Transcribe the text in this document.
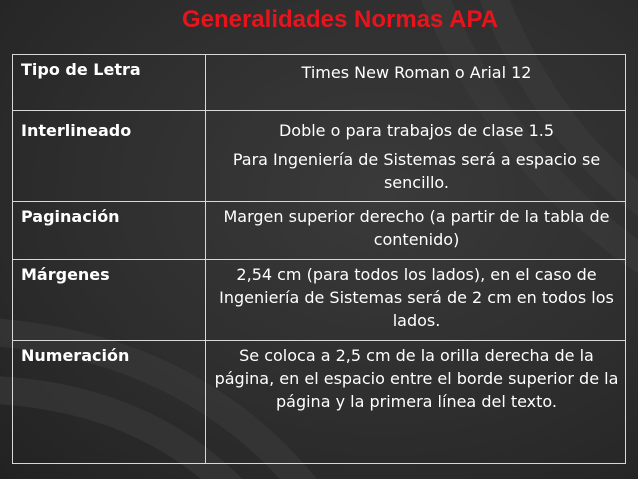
Generalidades Normas APA
Tipo de Letra	Times New Roman o Arial 12

Interlineado	Doble o para trabajos de clase 1.5

Para Ingeniería de Sistemas será a espacio se sencillo.

Paginación	Margen superior derecho (a partir de la tabla de contenido)

Márgenes	2,54 cm (para todos los lados), en el caso de Ingeniería de Sistemas será de 2 cm en todos los lados.

Numeración	Se coloca a 2,5 cm de la orilla derecha de la página, en el espacio entre el borde superior de la página y la primera línea del texto.
